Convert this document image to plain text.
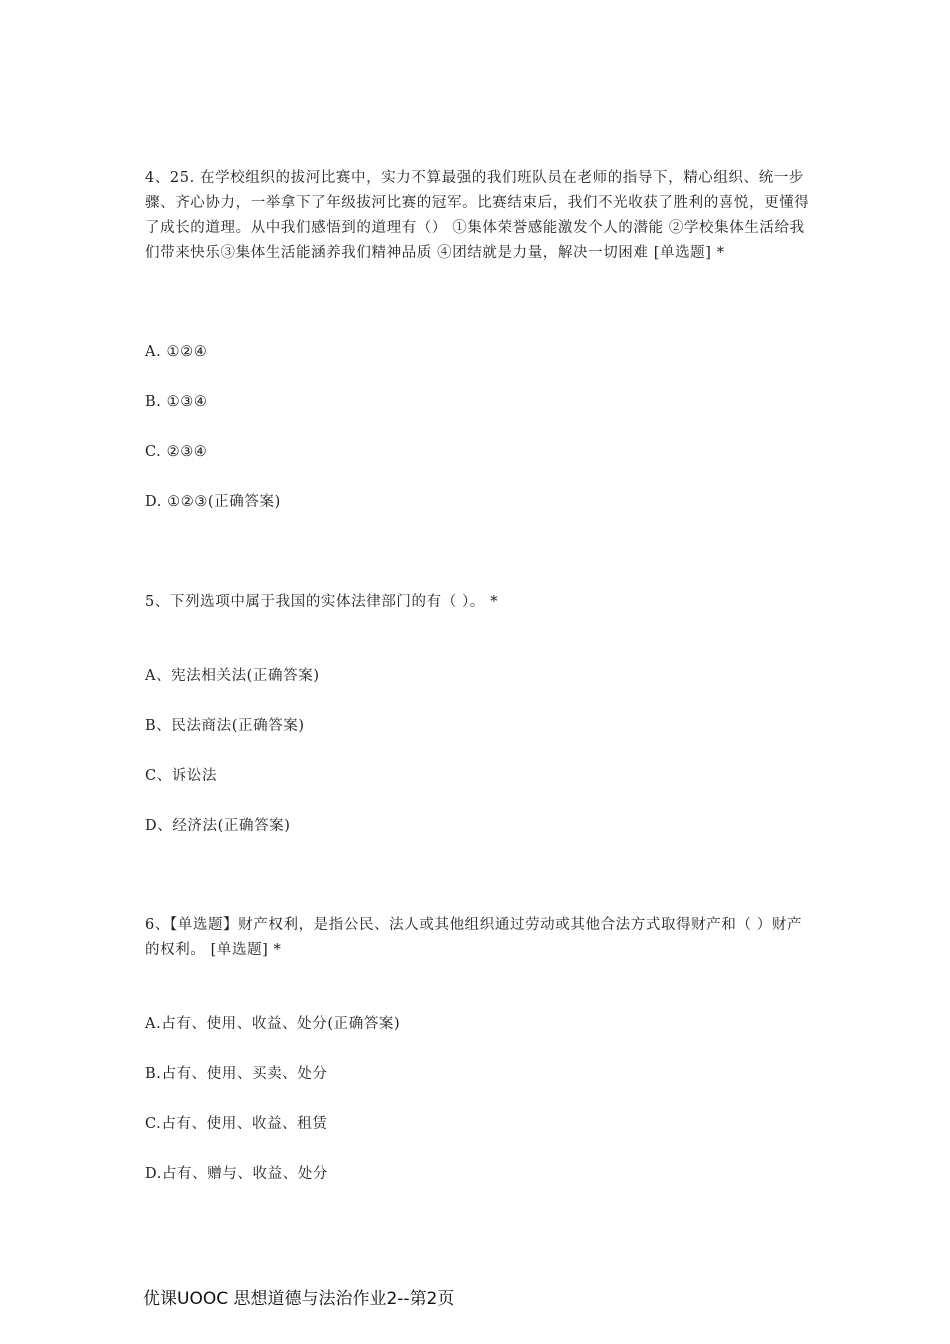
4、25. 在学校组织的拔河比赛中，实力不算最强的我们班队员在老师的指导下，精心组织、统一步骤、齐心协力，一举拿下了年级拔河比赛的冠军。比赛结束后，我们不光收获了胜利的喜悦，更懂得了成长的道理。从中我们感悟到的道理有（） ①集体荣誉感能激发个人的潜能 ②学校集体生活给我们带来快乐③集体生活能涵养我们精神品质 ④团结就是力量，解决一切困难 [单选题] *
A. ①②④
B. ①③④
C. ②③④
D. ①②③(正确答案)
5、下列选项中属于我国的实体法律部门的有（ ）。 *
A、宪法相关法(正确答案)
B、民法商法(正确答案)
C、诉讼法
D、经济法(正确答案)
6、【单选题】财产权利，是指公民、法人或其他组织通过劳动或其他合法方式取得财产和（ ）财产的权利。 [单选题] *
A.占有、使用、收益、处分(正确答案)
B.占有、使用、买卖、处分
C.占有、使用、收益、租赁
D.占有、赠与、收益、处分
优课UOOC 思想道德与法治作业2--第2页
